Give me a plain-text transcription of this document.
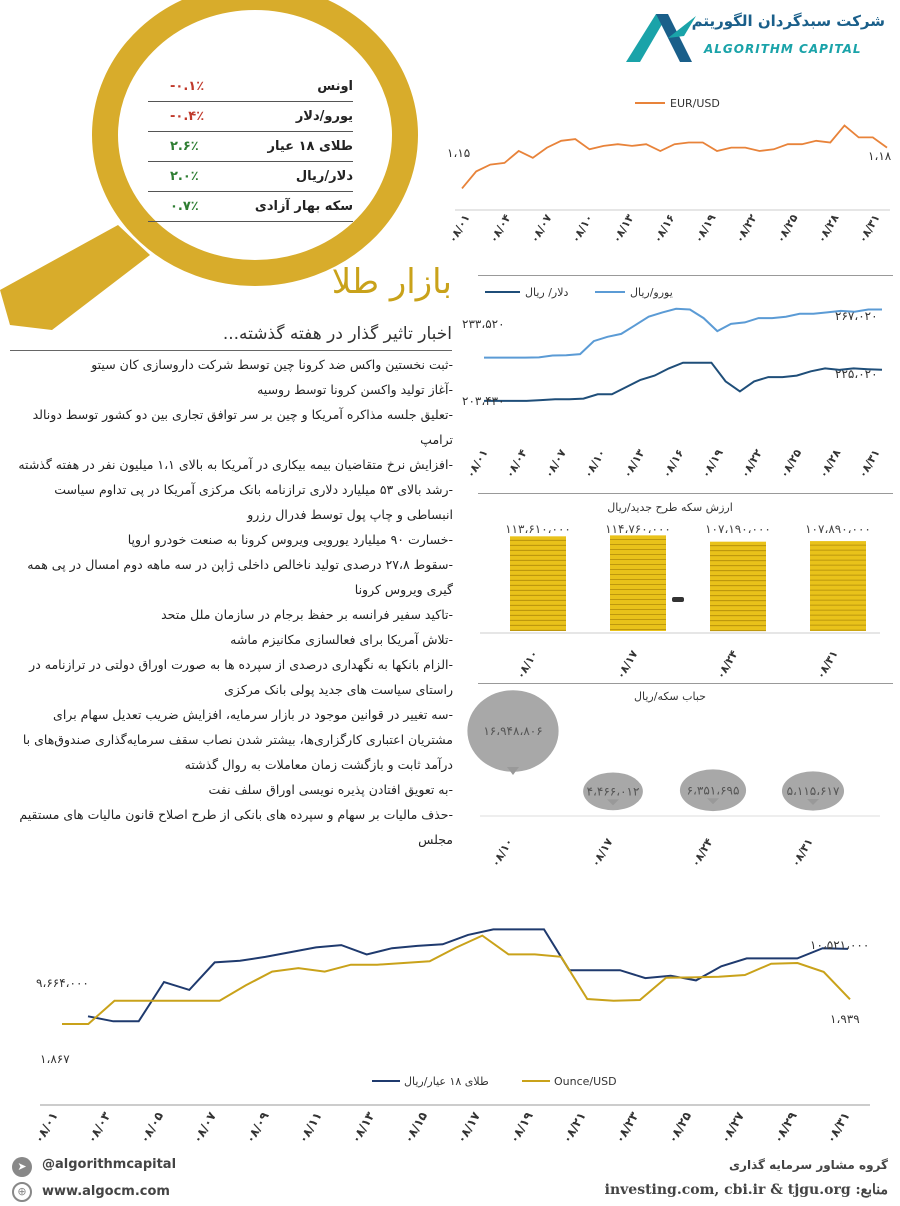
شرکت سبدگردان الگوریتم
ALGORITHM CAPITAL
درصد تغییرات هفتگی
-۰.۱٪	اونس
-۰.۴٪	یورو/دلار
۲.۶٪	طلای ۱۸ عیار
۲.۰٪	دلار/ریال
۰.۷٪	سکه بهار آزادی
بازار طلا
اخبار تاثیر گذار در هفته گذشته...
-ثبت نخستین واکس ضد کرونا چین توسط شرکت داروسازی کان سیتو
-آغاز تولید واکسن کرونا توسط روسیه
-تعلیق جلسه مذاکره آمریکا و چین بر سر توافق تجاری بین دو کشور توسط دونالد ترامپ
-افزایش نرخ متقاضیان بیمه بیکاری در آمریکا به بالای ۱،۱ میلیون نفر در هفته گذشته
-رشد بالای ۵۳ میلیارد دلاری ترازنامه بانک مرکزی آمریکا در پی تداوم سیاست انبساطی و چاپ پول توسط فدرال رزرو
-خسارت ۹۰ میلیارد یورویی ویروس کرونا به صنعت خودرو اروپا
-سقوط ۲۷،۸ درصدی تولید ناخالص داخلی ژاپن در سه ماهه دوم امسال در پی همه گیری ویروس کرونا
-تاکید سفیر فرانسه بر حفظ برجام در سازمان ملل متحد
-تلاش آمریکا برای فعالسازی مکانیزم ماشه
-الزام بانکها به نگهداری درصدی از سپرده ها به صورت اوراق دولتی در ترازنامه در راستای سیاست های جدید پولی بانک مرکزی
-سه تغییر در قوانین موجود در بازار سرمایه، افزایش ضریب تعدیل سهام برای مشتریان اعتباری کارگزاری‌ها، بیشتر شدن نصاب سقف سرمایه‌گذاری صندوق‌های با درآمد ثابت و بازگشت زمان معاملات به روال گذشته
-به تعویق افتادن پذیره نویسی اوراق سلف نفت
-حذف مالیات بر سهام و سپرده های بانکی از طرح اصلاح قانون مالیات های مستقیم مجلس
EUR/USD
۱،۱۵	۱،۱۸
۰۸/۰۱ ۰۸/۰۴ ۰۸/۰۷ ۰۸/۱۰ ۰۸/۱۳ ۰۸/۱۶ ۰۸/۱۹ ۰۸/۲۲ ۰۸/۲۵ ۰۸/۲۸ ۰۸/۳۱
دلار/ ریال	یورو/ریال
۲۳۳،۵۲۰
۲۶۷،۰۲۰
۲۰۳،۴۳۰
۲۲۵،۰۲۰
۰۸/۰۱ ۰۸/۰۴ ۰۸/۰۷ ۰۸/۱۰ ۰۸/۱۳ ۰۸/۱۶ ۰۸/۱۹ ۰۸/۲۲ ۰۸/۲۵ ۰۸/۲۸ ۰۸/۳۱
ارزش سکه طرح جدید/ریال
۱۱۳،۶۱۰،۰۰۰	۱۱۴،۷۶۰،۰۰۰	۱۰۷،۱۹۰،۰۰۰	۱۰۷،۸۹۰،۰۰۰
۰۸/۱۰	۰۸/۱۷	۰۸/۲۴	۰۸/۳۱
حباب سکه/ریال
۱۶،۹۴۸،۸۰۶
۴،۴۶۶،۰۱۲	۶،۳۵۱،۶۹۵	۵،۱۱۵،۶۱۷
۰۸/۱۰	۰۸/۱۷	۰۸/۲۴	۰۸/۳۱
۹،۶۶۴،۰۰۰
۱۰،۵۲۱،۰۰۰
۱،۸۶۷
۱،۹۳۹
طلای ۱۸ عیار/ریال	Ounce/USD
۰۸/۰۱ ۰۸/۰۳ ۰۸/۰۵ ۰۸/۰۷ ۰۸/۰۹ ۰۸/۱۱ ۰۸/۱۳ ۰۸/۱۵ ۰۸/۱۷ ۰۸/۱۹ ۰۸/۲۱ ۰۸/۲۳ ۰۸/۲۵ ۰۸/۲۷ ۰۸/۲۹ ۰۸/۳۱
➤	@algorithmcapital
⊕	www.algocm.com
گروه مشاور سرمایه گذاری
منابع: investing.com, cbi.ir & tjgu.org
